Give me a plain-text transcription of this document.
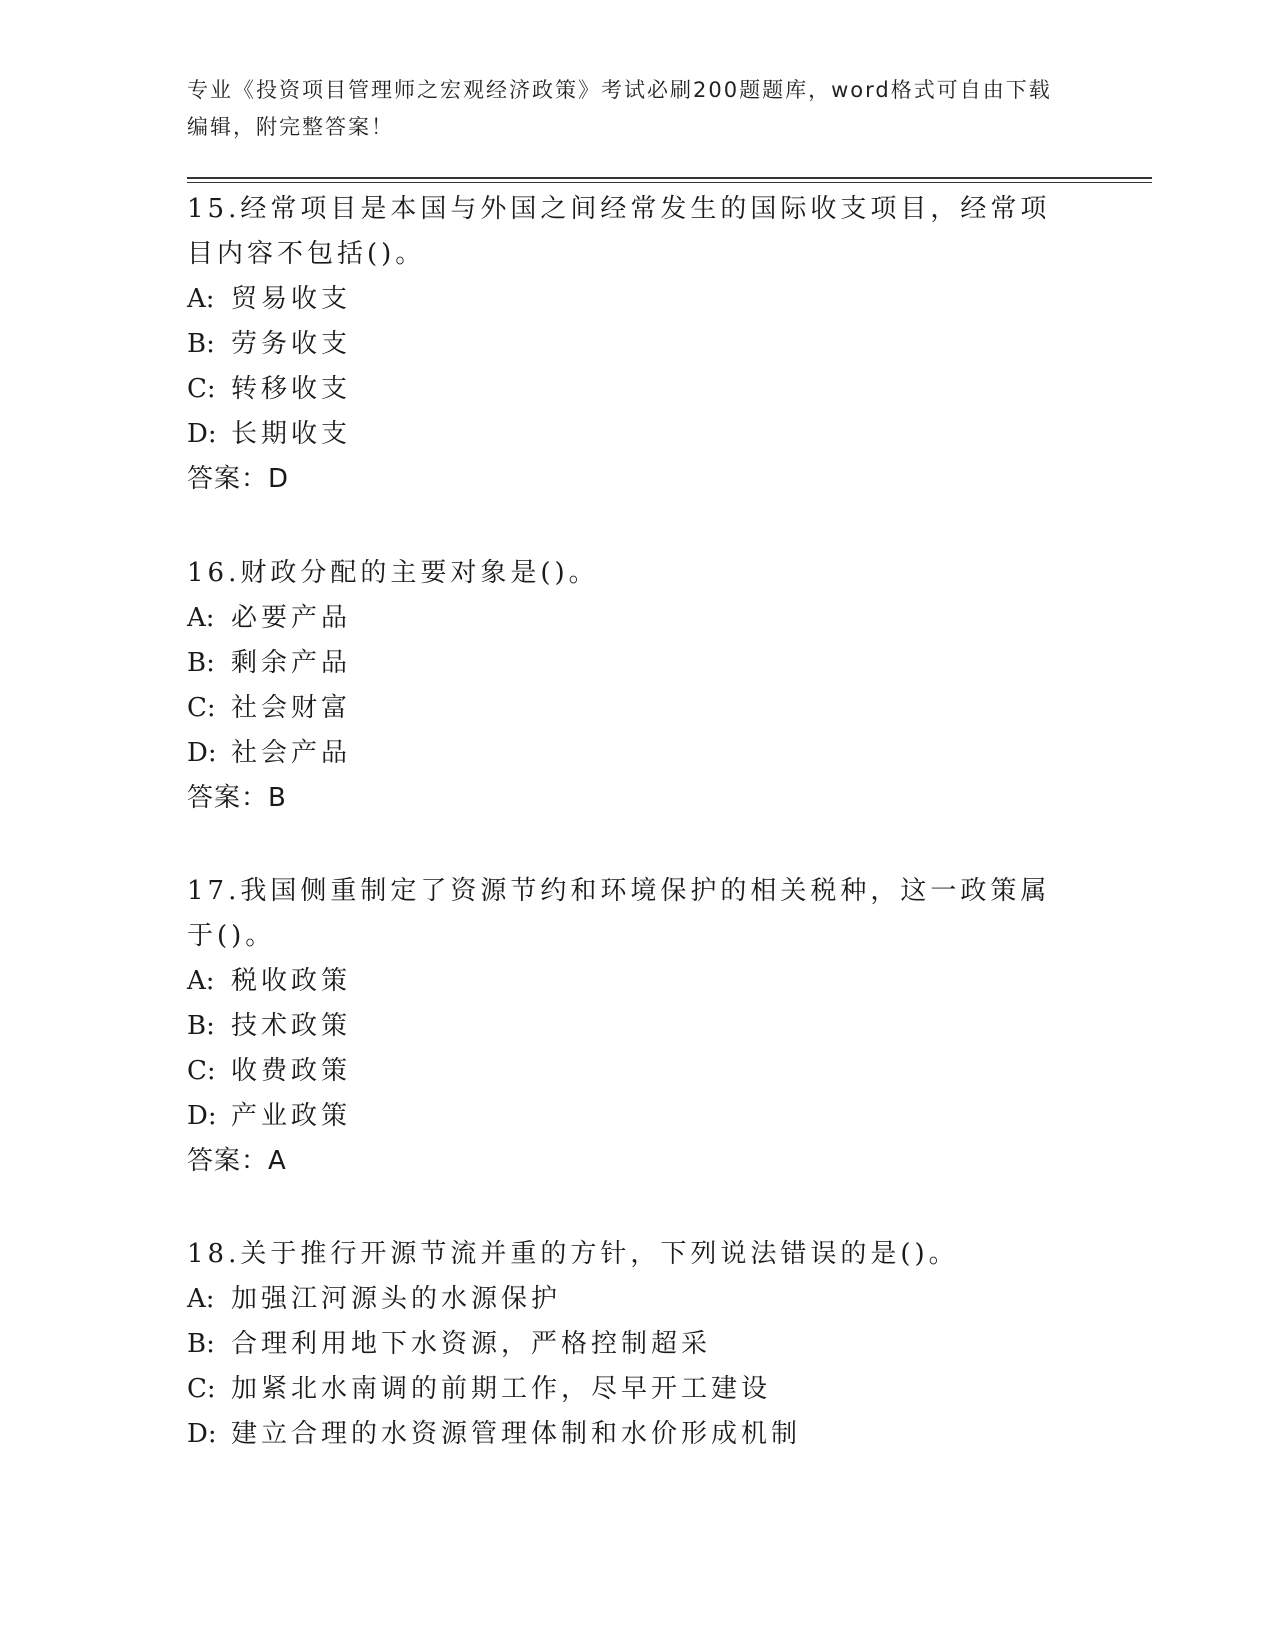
专业《投资项目管理师之宏观经济政策》考试必刷200题题库，word格式可自由下载编辑，附完整答案！

15.经常项目是本国与外国之间经常发生的国际收支项目，经常项目内容不包括()。

A: 贸易收支

B: 劳务收支

C: 转移收支

D: 长期收支

答案：D

16.财政分配的主要对象是()。

A: 必要产品

B: 剩余产品

C: 社会财富

D: 社会产品

答案：B

17.我国侧重制定了资源节约和环境保护的相关税种，这一政策属于()。

A: 税收政策

B: 技术政策

C: 收费政策

D: 产业政策

答案：A

18.关于推行开源节流并重的方针，下列说法错误的是()。

A: 加强江河源头的水源保护

B: 合理利用地下水资源，严格控制超采

C: 加紧北水南调的前期工作，尽早开工建设

D: 建立合理的水资源管理体制和水价形成机制
